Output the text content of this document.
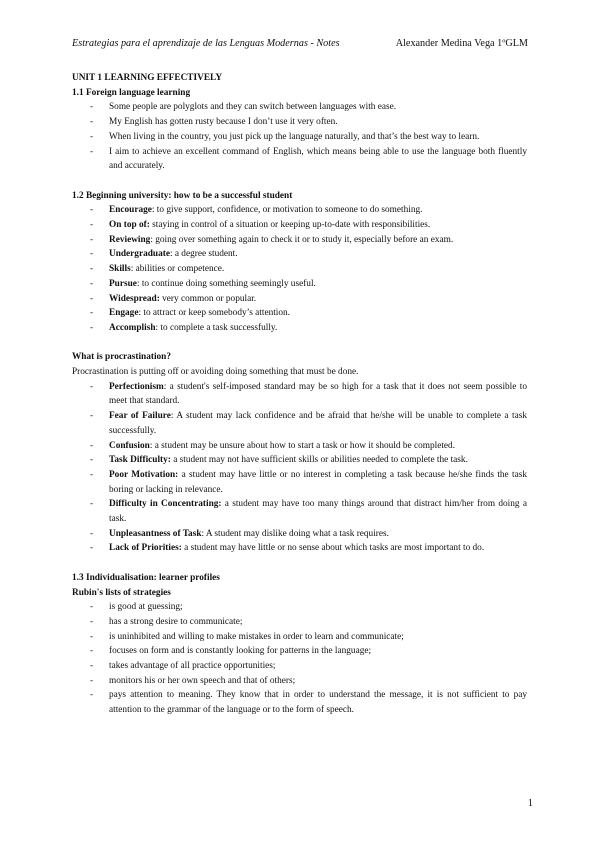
Estrategias para el aprendizaje de las Lenguas Modernas - Notes	Alexander Medina Vega 1ºGLM

UNIT 1 LEARNING EFFECTIVELY

1.1 Foreign language learning

- Some people are polyglots and they can switch between languages with ease.
- My English has gotten rusty because I don’t use it very often.
- When living in the country, you just pick up the language naturally, and that’s the best way to learn.
- I aim to achieve an excellent command of English, which means being able to use the language both fluently and accurately.

1.2 Beginning university: how to be a successful student

- Encourage: to give support, confidence, or motivation to someone to do something.
- On top of: staying in control of a situation or keeping up-to-date with responsibilities.
- Reviewing: going over something again to check it or to study it, especially before an exam.
- Undergraduate: a degree student.
- Skills: abilities or competence.
- Pursue: to continue doing something seemingly useful.
- Widespread: very common or popular.
- Engage: to attract or keep somebody’s attention.
- Accomplish: to complete a task successfully.

What is procrastination?

Procrastination is putting off or avoiding doing something that must be done.

- Perfectionism: a student's self-imposed standard may be so high for a task that it does not seem possible to meet that standard.
- Fear of Failure: A student may lack confidence and be afraid that he/she will be unable to complete a task successfully.
- Confusion: a student may be unsure about how to start a task or how it should be completed.
- Task Difficulty: a student may not have sufficient skills or abilities needed to complete the task.
- Poor Motivation: a student may have little or no interest in completing a task because he/she finds the task boring or lacking in relevance.
- Difficulty in Concentrating: a student may have too many things around that distract him/her from doing a task.
- Unpleasantness of Task: A student may dislike doing what a task requires.
- Lack of Priorities: a student may have little or no sense about which tasks are most important to do.

1.3 Individualisation: learner profiles

Rubin's lists of strategies

- is good at guessing;
- has a strong desire to communicate;
- is uninhibited and willing to make mistakes in order to learn and communicate;
- focuses on form and is constantly looking for patterns in the language;
- takes advantage of all practice opportunities;
- monitors his or her own speech and that of others;
- pays attention to meaning. They know that in order to understand the message, it is not sufficient to pay attention to the grammar of the language or to the form of speech.
1
